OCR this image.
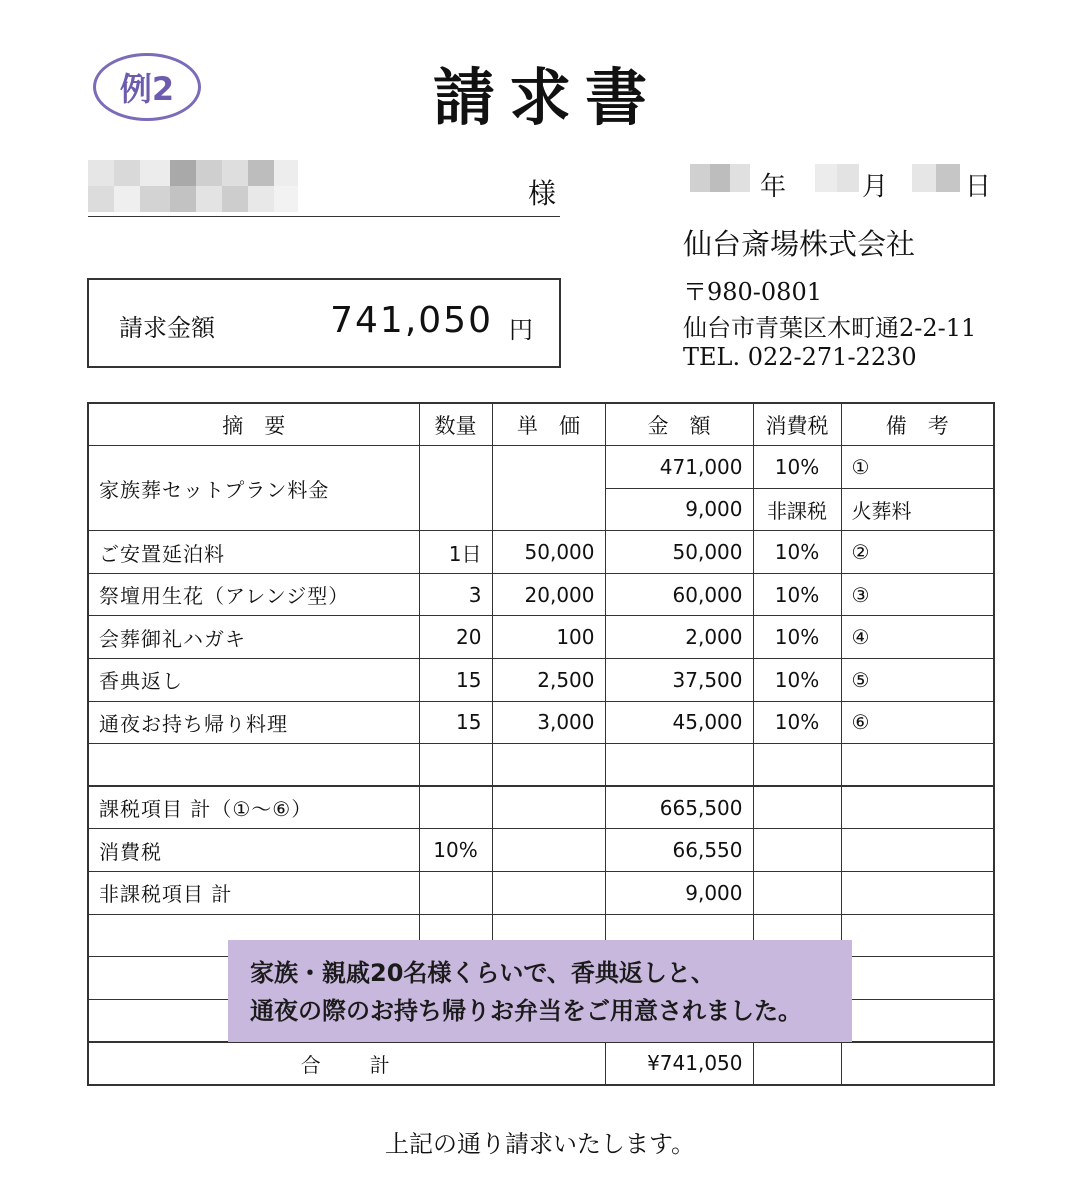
例2	請求書
様	年	月	日
仙台斎場株式会社
〒980-0801
仙台市青葉区木町通2-2-11
TEL. 022-271-2230
請求金額	741,050 円
摘　要	数量	単　価	金　額	消費税	備　考
家族葬セットプラン料金			471,000	10%	①
			9,000	非課税	火葬料
ご安置延泊料	1日	50,000	50,000	10%	②
祭壇用生花（アレンジ型）	3	20,000	60,000	10%	③
会葬御礼ハガキ	20	100	2,000	10%	④
香典返し	15	2,500	37,500	10%	⑤
通夜お持ち帰り料理	15	3,000	45,000	10%	⑥

課税項目 計（①～⑥）			665,500		
消費税	10%		66,550		
非課税項目 計			9,000		

合　　計			¥741,050		
家族・親戚20名様くらいで、香典返しと、通夜の際のお持ち帰りお弁当をご用意されました。
上記の通り請求いたします。
